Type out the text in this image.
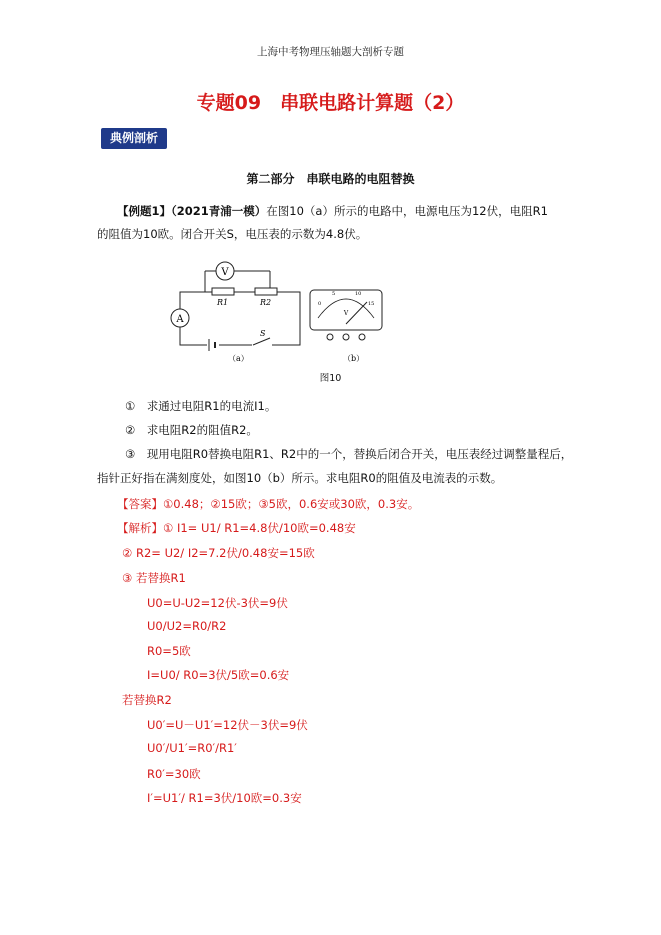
上海中考物理压轴题大剖析专题
专题09　串联电路计算题（2）
典例剖析
第二部分　串联电路的电阻替换
【例题1】（2021青浦一模）在图10（a）所示的电路中，电源电压为12伏，电阻R1
的阻值为10欧。闭合开关S，电压表的示数为4.8伏。
V
R1	R2
A
S
（a）
0
5	10
15
V
（b）
图10
①　 求通过电阻R1的电流I1。
②　 求电阻R2的阻值R2。
③　 现用电阻R0替换电阻R1、R2中的一个，替换后闭合开关，电压表经过调整量程后，
指针正好指在满刻度处，如图10（b）所示。求电阻R0的阻值及电流表的示数。
【答案】①0.48；②15欧；③5欧，0.6安或30欧，0.3安。
【解析】① I1= U1/ R1=4.8伏/10欧=0.48安
② R2= U2/ I2=7.2伏/0.48安=15欧
③ 若替换R1
U0=U-U2=12伏-3伏=9伏
U0/U2=R0/R2
R0=5欧
I=U0/ R0=3伏/5欧=0.6安
若替换R2
U0′=U－U1′=12伏－3伏=9伏
U0′/U1′=R0′/R1′
R0′=30欧
I′=U1′/ R1=3伏/10欧=0.3安
